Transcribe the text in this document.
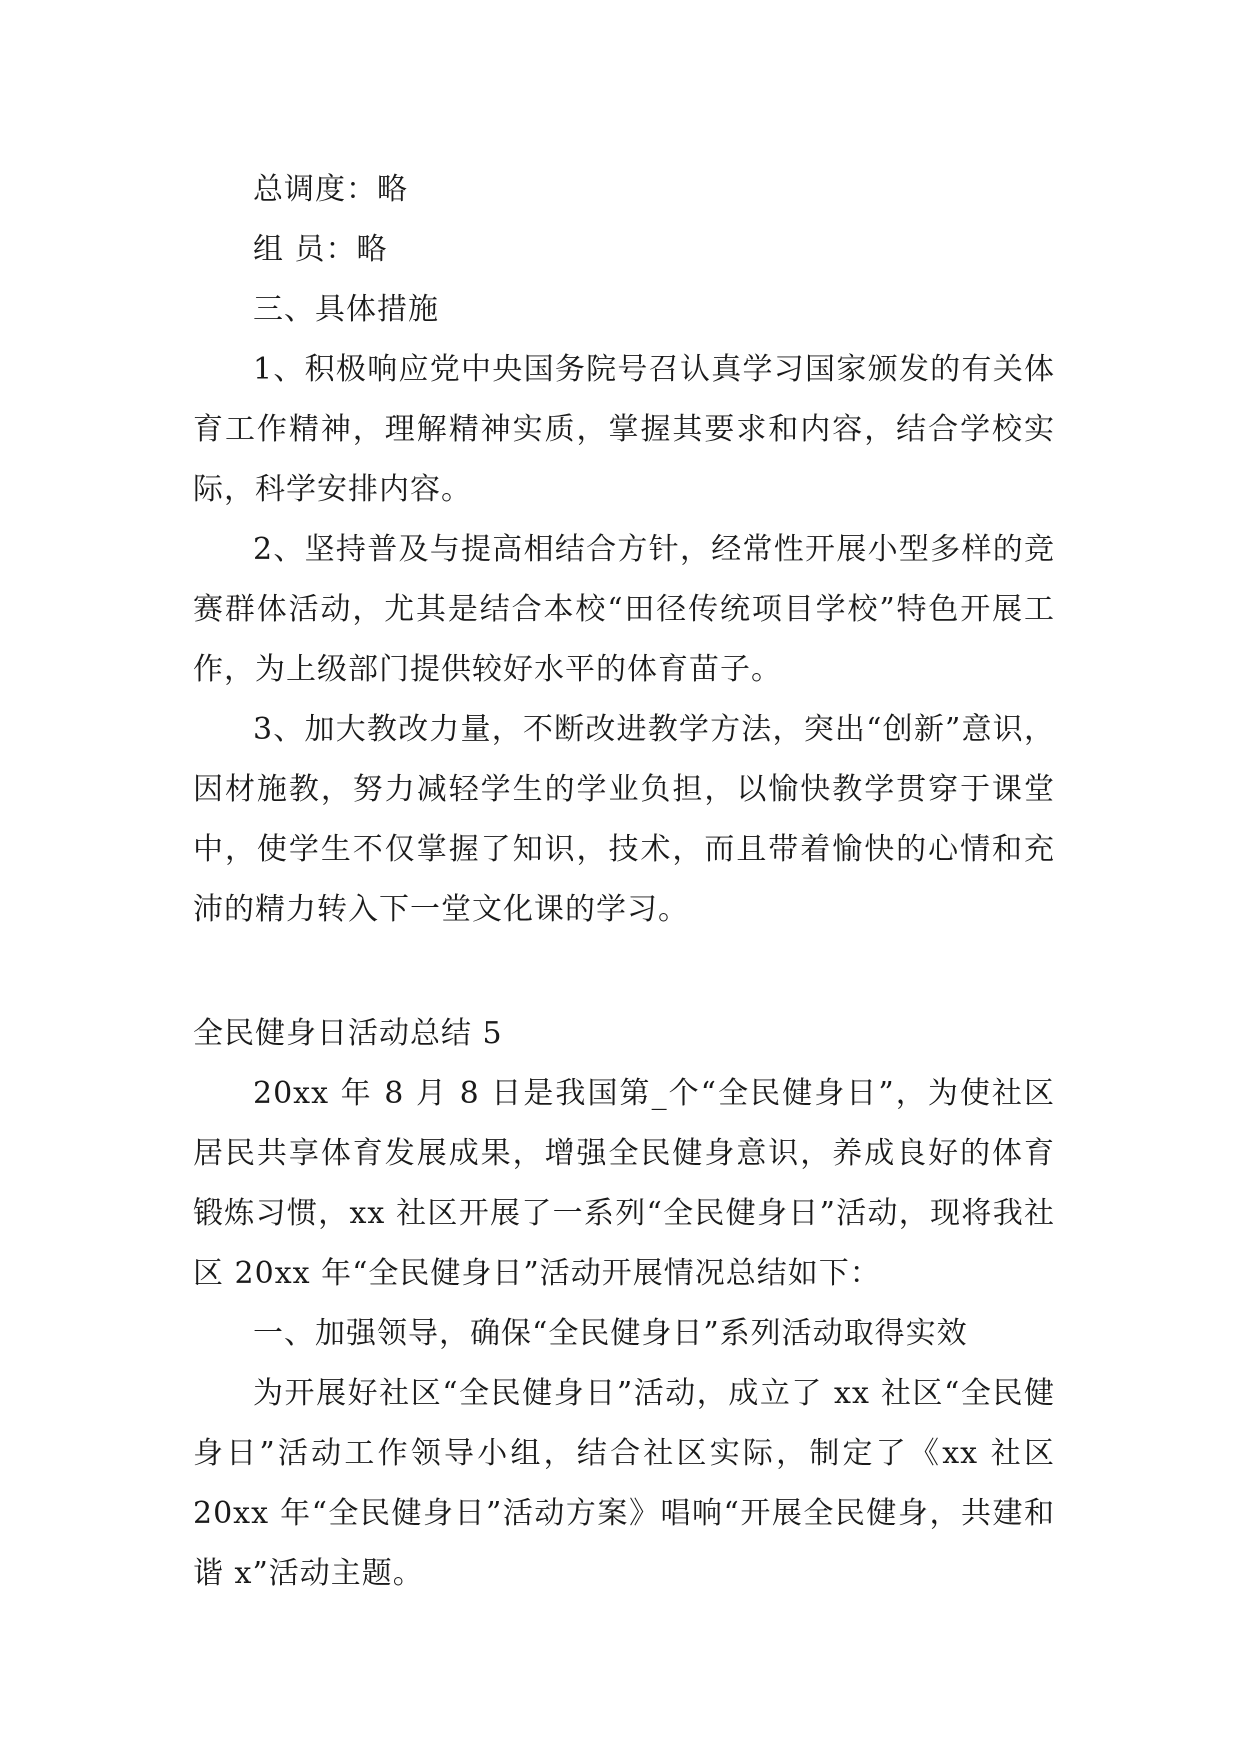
总调度：略

组 员：略

三、具体措施

1、积极响应党中央国务院号召认真学习国家颁发的有关体育工作精神，理解精神实质，掌握其要求和内容，结合学校实际，科学安排内容。

2、坚持普及与提高相结合方针，经常性开展小型多样的竞赛群体活动，尤其是结合本校“田径传统项目学校”特色开展工作，为上级部门提供较好水平的体育苗子。

3、加大教改力量，不断改进教学方法，突出“创新”意识，因材施教，努力减轻学生的学业负担，以愉快教学贯穿于课堂中，使学生不仅掌握了知识，技术，而且带着愉快的心情和充沛的精力转入下一堂文化课的学习。

全民健身日活动总结 5

20xx 年 8 月 8 日是我国第_个“全民健身日”，为使社区居民共享体育发展成果，增强全民健身意识，养成良好的体育锻炼习惯，xx 社区开展了一系列“全民健身日”活动，现将我社区 20xx 年“全民健身日”活动开展情况总结如下：

一、加强领导，确保“全民健身日”系列活动取得实效

为开展好社区“全民健身日”活动，成立了 xx 社区“全民健身日”活动工作领导小组，结合社区实际，制定了《xx 社区 20xx 年“全民健身日”活动方案》唱响“开展全民健身，共建和谐 x”活动主题。
